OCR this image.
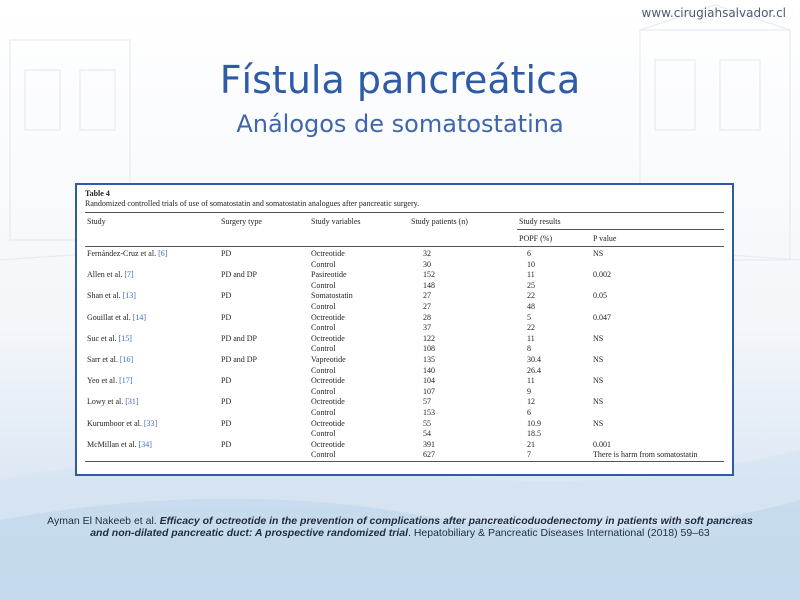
www.cirugiahsalvador.cl
Fístula pancreática
Análogos de somatostatina
Table 4
Randomized controlled trials of use of somatostatin and somatostatin analogues after pancreatic surgery.
Study	Surgery type	Study variables	Study patients (n)	Study results	
				POPF (%)	P value
Fernández-Cruz et al. [6]	PD	Octreotide	32	6	NS
		Control	30	10	
Allen et al. [7]	PD and DP	Pasireotide	152	11	0.002
		Control	148	25	
Shan et al. [13]	PD	Somatostatin	27	22	0.05
		Control	27	48	
Gouillat et al. [14]	PD	Octreotide	28	5	0.047
		Control	37	22	
Suc et al. [15]	PD and DP	Octreotide	122	11	NS
		Control	108	8	
Sarr et al. [16]	PD and DP	Vapreotide	135	30.4	NS
		Control	140	26.4	
Yeo et al. [17]	PD	Octreotide	104	11	NS
		Control	107	9	
Lowy et al. [31]	PD	Octreotide	57	12	NS
		Control	153	6	
Kurumboor et al. [33]	PD	Octreotide	55	10.9	NS
		Control	54	18.5	
McMillan et al. [34]	PD	Octreotide	391	21	0.001
		Control	627	7	There is harm from somatostatin
Ayman El Nakeeb et al. Efficacy of octreotide in the prevention of complications after pancreaticoduodenectomy in patients with soft pancreas and non-dilated pancreatic duct: A prospective randomized trial. Hepatobiliary & Pancreatic Diseases International (2018) 59–63
